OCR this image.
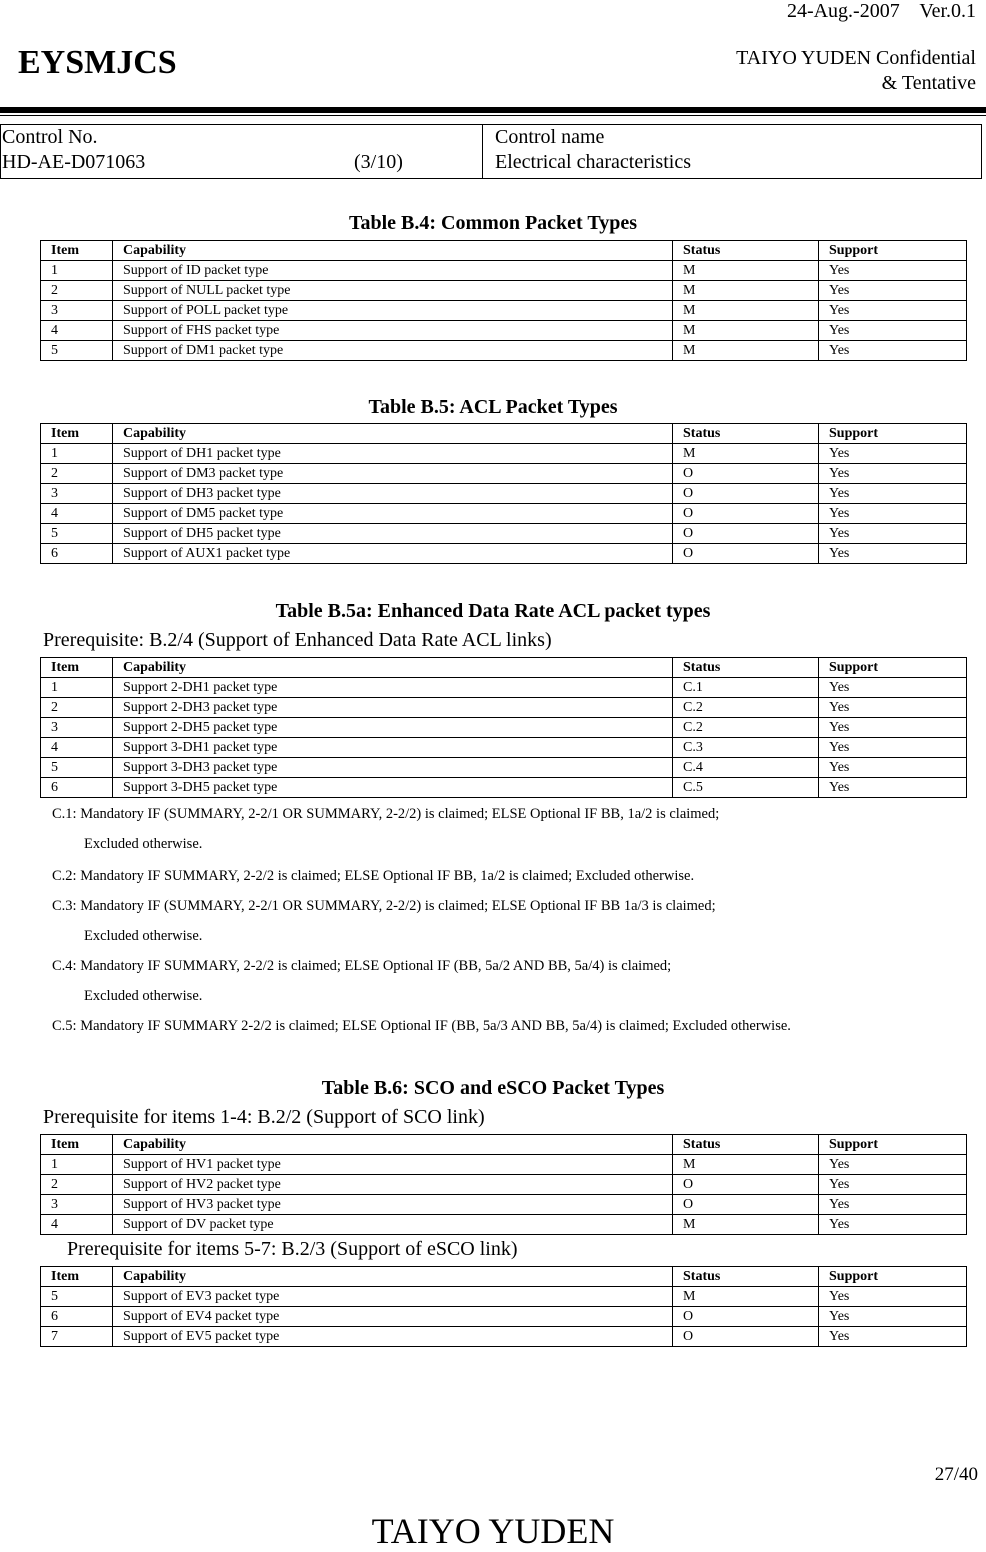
24-Aug.-2007    Ver.0.1
EYSMJCS	TAIYO YUDEN Confidential
& Tentative
Control No.
HD-AE-D071063	(3/10)
Control name
Electrical characteristics
Table B.4: Common Packet Types
Item	Capability	Status	Support
1	Support of ID packet type	M	Yes
2	Support of NULL packet type	M	Yes
3	Support of POLL packet type	M	Yes
4	Support of FHS packet type	M	Yes
5	Support of DM1 packet type	M	Yes
Table B.5: ACL Packet Types
Item	Capability	Status	Support
1	Support of DH1 packet type	M	Yes
2	Support of DM3 packet type	O	Yes
3	Support of DH3 packet type	O	Yes
4	Support of DM5 packet type	O	Yes
5	Support of DH5 packet type	O	Yes
6	Support of AUX1 packet type	O	Yes
Table B.5a: Enhanced Data Rate ACL packet types
Prerequisite: B.2/4 (Support of Enhanced Data Rate ACL links)
Item	Capability	Status	Support
1	Support 2-DH1 packet type	C.1	Yes
2	Support 2-DH3 packet type	C.2	Yes
3	Support 2-DH5 packet type	C.2	Yes
4	Support 3-DH1 packet type	C.3	Yes
5	Support 3-DH3 packet type	C.4	Yes
6	Support 3-DH5 packet type	C.5	Yes
C.1: Mandatory IF (SUMMARY, 2-2/1 OR SUMMARY, 2-2/2) is claimed; ELSE Optional IF BB, 1a/2 is claimed;
Excluded otherwise.
C.2: Mandatory IF SUMMARY, 2-2/2 is claimed; ELSE Optional IF BB, 1a/2 is claimed; Excluded otherwise.
C.3: Mandatory IF (SUMMARY, 2-2/1 OR SUMMARY, 2-2/2) is claimed; ELSE Optional IF BB 1a/3 is claimed;
Excluded otherwise.
C.4: Mandatory IF SUMMARY, 2-2/2 is claimed; ELSE Optional IF (BB, 5a/2 AND BB, 5a/4) is claimed;
Excluded otherwise.
C.5: Mandatory IF SUMMARY 2-2/2 is claimed; ELSE Optional IF (BB, 5a/3 AND BB, 5a/4) is claimed; Excluded otherwise.
Table B.6: SCO and eSCO Packet Types
Prerequisite for items 1-4: B.2/2 (Support of SCO link)
Item	Capability	Status	Support
1	Support of HV1 packet type	M	Yes
2	Support of HV2 packet type	O	Yes
3	Support of HV3 packet type	O	Yes
4	Support of DV packet type	M	Yes
Prerequisite for items 5-7: B.2/3 (Support of eSCO link)
Item	Capability	Status	Support
5	Support of EV3 packet type	M	Yes
6	Support of EV4 packet type	O	Yes
7	Support of EV5 packet type	O	Yes
27/40
TAIYO YUDEN
